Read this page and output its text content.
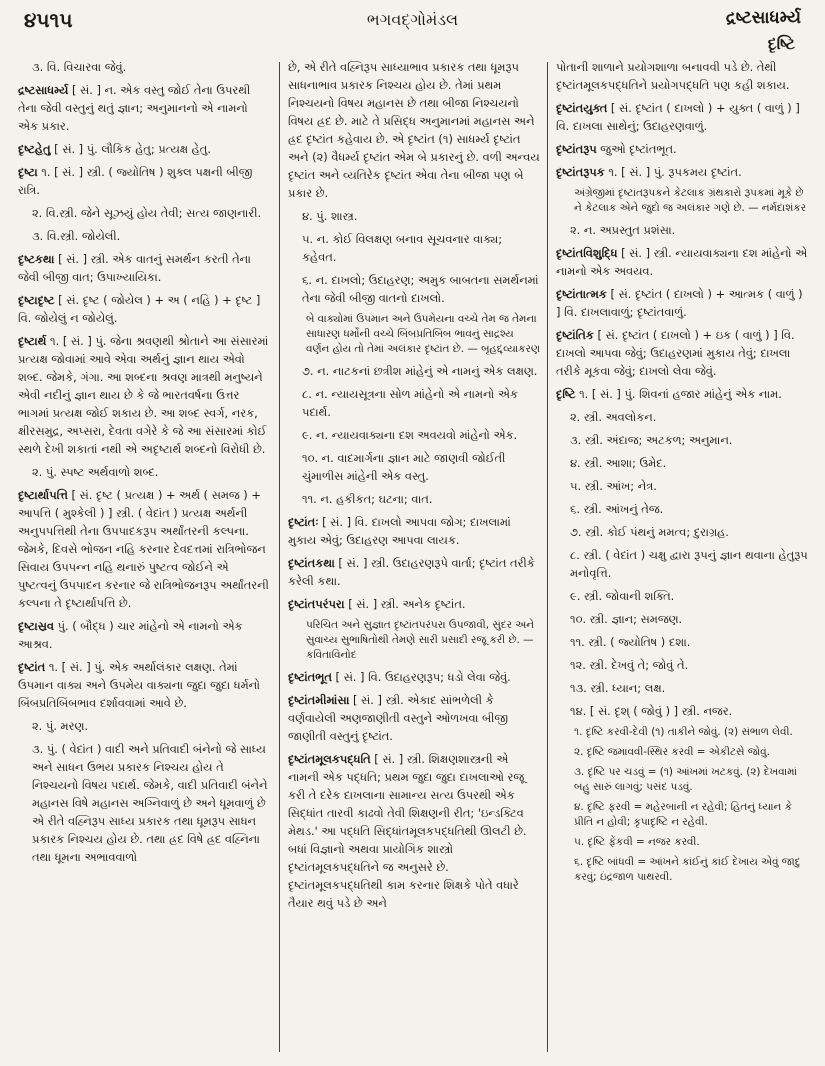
૪૫૧૫	ભગવદ્ગોમંડલ	દ્રષ્ટસાધર્મ્ય
દૃષ્ટિ
૩. વિ. વિચારવા જેવું.
દ્રષ્ટસાધર્મ્ય [ સં. ] ન. એક વસ્તુ જોઈ તેના ઉપરથી તેના જેવી વસ્તુનું થતું જ્ઞાન; અનુમાનનો એ નામનો એક પ્રકાર.
દૃષ્ટહેતુ [ સં. ] પું. લૌકિક હેતુ; પ્રત્યક્ષ હેતુ.
દૃષ્ટા ૧. [ સં. ] સ્ત્રી. ( જ્યોતિષ ) શુક્લ પક્ષની બીજી રાત્રિ.
૨. વિ.સ્ત્રી. જેને સૂઝયું હોય તેવી; સત્ય જાણનારી.
૩. વિ.સ્ત્રી. જોયેલી.
દૃષ્ટકથા [ સં. ] સ્ત્રી. એક વાતનું સમર્થન કરતી તેના જેવી બીજી વાત; ઉપાખ્યાયિકા.
દૃષ્ટાદૃષ્ટ [ સં. દૃષ્ટ ( જોયેલ ) + અ ( નહિ ) + દૃષ્ટ ] વિ. જોયેલું ન જોયેલું.
દૃષ્ટાર્થ ૧. [ સં. ] પું. જેના શ્રવણથી શ્રોતાને આ સંસારમાં પ્રત્યક્ષ જોવામાં આવે એવા અર્થનું જ્ઞાન થાય એવો શબ્દ. જેમકે, ગંગા. આ શબ્દના શ્રવણ માત્રથી મનુષ્યને એવી નદીનું જ્ઞાન થાય છે કે જે ભારતવર્ષના ઉત્તર ભાગમાં પ્રત્યક્ષ જોઈ શકાય છે. આ શબ્દ સ્વર્ગ, નરક, ક્ષીરસમુદ્ર, અપ્સરા, દેવતા વગેરે કે જે આ સંસારમાં કોઈ સ્થળે દેખી શકાતાં નથી એ અદૃષ્ટાર્થ શબ્દનો વિરોધી છે.
૨. પું. સ્પષ્ટ અર્થવાળો શબ્દ.
દૃષ્ટાર્થાપત્તિ [ સં. દૃષ્ટ ( પ્રત્યક્ષ ) + અર્થ ( સમજ ) + આપત્તિ ( મુશ્કેલી ) ] સ્ત્રી. ( વેદાંત ) પ્રત્યક્ષ અર્થની અનુપપત્તિથી તેના ઉપપાદકરૂપ અર્થાંતરની કલ્પના. જેમકે, દિવસે ભોજન નહિ કરનાર દેવદત્તમાં રાત્રિભોજન સિવાય ઉપપન્ન નહિ થનારું પુષ્ટત્વ જોઈને એ પુષ્ટત્વનું ઉપપાદન કરનાર જે રાત્રિભોજનરૂપ અર્થાંતરની કલ્પના તે દૃષ્ટાર્થાપત્તિ છે.
દૃષ્ટાસ્રવ પું. ( બૌદ્ધ ) ચાર માંહેનો એ નામનો એક આશ્રવ.
દૃષ્ટાંત ૧. [ સં. ] પું. એક અર્થાલંકાર લક્ષણ. તેમાં ઉપમાન વાક્ય અને ઉપમેય વાક્યના જુદા જુદા ધર્મનો બિંબપ્રતિબિંબભાવ દર્શાવવામાં આવે છે.
૨. પું. મરણ.
૩. પું. ( વેદાંત ) વાદી અને પ્રતિવાદી બંનેનો જે સાધ્ય અને સાધન ઉભય પ્રકારક નિશ્ચય હોય તે નિશ્ચયનો વિષય પદાર્થ. જેમકે, વાદી પ્રતિવાદી બંનેને મહાનસ વિષે મહાનસ અગ્નિવાળું છે અને ધૂમવાળું છે એ રીતે વહ્નિરૂપ સાધ્ય પ્રકારક તથા ધૂમરૂપ સાધન પ્રકારક નિશ્ચય હોય છે. તથા હ્રદ વિષે હ્રદ વહ્નિના તથા ધૂમના અભાવવાળો
છે, એ રીતે વહ્નિરૂપ સાધ્યાભાવ પ્રકારક તથા ધૂમરૂપ સાધનાભાવ પ્રકારક નિશ્ચય હોય છે. તેમાં પ્રથમ નિશ્ચયનો વિષય મહાનસ છે તથા બીજા નિશ્ચયનો વિષય હ્રદ છે. માટે તે પ્રસિદ્ધ અનુમાનમાં મહાનસ અને હ્રદ દૃષ્ટાંત કહેવાય છે. એ દૃષ્ટાંત (૧) સાધર્મ્ય દૃષ્ટાંત અને (૨) વૈધર્મ્ય દૃષ્ટાંત એમ બે પ્રકારનું છે. વળી અન્વય દૃષ્ટાંત અને વ્યતિરેક દૃષ્ટાંત એવા તેના બીજા પણ બે પ્રકાર છે.
૪. પું. શાસ્ત્ર.
૫. ન. કોઈ વિલક્ષણ બનાવ સૂચવનાર વાક્ય; કહેવત.
૬. ન. દાખલો; ઉદાહરણ; અમુક બાબતના સમર્થનમાં તેના જેવી બીજી વાતનો દાખલો.
બે વાક્યોમાં ઉપમાન અને ઉપમેયના વચ્ચે તેમ જ તેમના સાધારણ ધર્મોની વચ્ચે બિંબપ્રતિબિંબ ભાવનું સાદ્રશ્ય વર્ણન હોય તો તેમાં અલંકાર દૃષ્ટાંત છે. — બૃહદ્દ્વ્યાકરણ
૭. ન. નાટકનાં છત્રીશ માંહેનું એ નામનું એક લક્ષણ.
૮. ન. ન્યાયસૂત્રના સોળ માંહેનો એ નામનો એક પદાર્થ.
૯. ન. ન્યાયવાક્યના દશ અવયવો માંહેનો એક.
૧૦. ન. વાદમાર્ગના જ્ઞાન માટે જાણવી જોઈતી ચુંમાળીસ માંહેની એક વસ્તુ.
૧૧. ન. હકીકત; ઘટના; વાત.
દૃષ્ટાંતઃ [ સં. ] વિ. દાખલો આપવા જોગ; દાખલામાં મુકાય એવું; ઉદાહરણ આપવા લાયક.
દૃષ્ટાંતકથા [ સં. ] સ્ત્રી. ઉદાહરણરૂપે વાર્તા; દૃષ્ટાંત તરીકે કરેલી કથા.
દૃષ્ટાંતપરંપરા [ સં. ] સ્ત્રી. અનેક દૃષ્ટાંત.
પરિચિત અને સુજ્ઞાત દૃષ્ટાંતપરંપરા ઉપજાવી, સુંદર અને સુવાચ્ય સુભાષિતોથી તેમણે સારી પ્રસાદી રજૂ કરી છે. — કવિતાવિનોદ
દૃષ્ટાંતભૂત [ સં. ] વિ. ઉદાહરણરૂપ; ધડો લેવા જેવું.
દૃષ્ટાંતમીમાંસા [ સં. ] સ્ત્રી. એકાદ સાંભળેલી કે વર્ણવાયેલી અણજાણીતી વસ્તુને ઓળખવા બીજી જાણીતી વસ્તુનું દૃષ્ટાંત.
દૃષ્ટાંતમૂલકપદ્ધતિ [ સં. ] સ્ત્રી. શિક્ષણશાસ્ત્રની એ નામની એક પદ્ધતિ; પ્રથમ જુદા જુદા દાખલાઓ રજૂ કરી તે દરેક દાખલાના સામાન્ય સત્ય ઉપરથી એક સિદ્ધાંત તારવી કાઢવો તેવી શિક્ષણની રીત; 'ઇન્ડક્ટિવ મેથડ.' આ પદ્ધતિ સિદ્ધાંતમૂલકપદ્ધતિથી ઊલટી છે. બધાં વિજ્ઞાનો અથવા પ્રાયોગિક શાસ્ત્રો દૃષ્ટાંતમૂલકપદ્ધતિને જ અનુસરે છે. દૃષ્ટાંતમૂલકપદ્ધતિથી કામ કરનાર શિક્ષકે પોતે વધારે તૈયાર થવું પડે છે અને
પોતાની શાળાને પ્રયોગશાળા બનાવવી પડે છે. તેથી દૃષ્ટાંતમૂલકપદ્ધતિને પ્રયોગપદ્ધતિ પણ કહી શકાય.
દૃષ્ટાંતયુક્ત [ સં. દૃષ્ટાંત ( દાખલો ) + યુક્ત ( વાળું ) ] વિ. દાખલા સાથેનું; ઉદાહરણવાળું.
દૃષ્ટાંતરૂપ જુઓ દૃષ્ટાંતભૂત.
દૃષ્ટાંતરૂપક ૧. [ સં. ] પું. રૂપકમય દૃષ્ટાંત.
અંગ્રેજીમાં દૃષ્ટાંતરૂપકને કેટલાક ગ્રંથકારો રૂપકમાં મૂકે છે ને કેટલાક એને જુદો જ અલંકાર ગણે છે. — નર્મદાશંકર
૨. ન. અપ્રસ્તુત પ્રશંસા.
દૃષ્ટાંતવિશુદ્ધિ [ સં. ] સ્ત્રી. ન્યાયવાક્યના દશ માંહેનો એ નામનો એક અવયવ.
દૃષ્ટાંતાત્મક [ સં. દૃષ્ટાંત ( દાખલો ) + આત્મક ( વાળું ) ] વિ. દાખલાવાળું; દૃષ્ટાંતવાળું.
દૃષ્ટાંતિક [ સં. દૃષ્ટાંત ( દાખલો ) + ઇક ( વાળું ) ] વિ. દાખલો આપવા જેવું; ઉદાહરણમાં મુકાય તેવું; દાખલા તરીકે મૂકવા જેવું; દાખલો લેવા જેવું.
દૃષ્ટિ ૧. [ સં. ] પું. શિવનાં હજાર માંહેનું એક નામ.
૨. સ્ત્રી. અવલોકન.
૩. સ્ત્રી. અંદાજ; અટકળ; અનુમાન.
૪. સ્ત્રી. આશા; ઉમેદ.
૫. સ્ત્રી. આંખ; નેત્ર.
૬. સ્ત્રી. આંખનું તેજ.
૭. સ્ત્રી. કોઈ પંથનું મમત્વ; દુરાગ્રહ.
૮. સ્ત્રી. ( વેદાંત ) ચક્ષુ દ્વારા રૂપનું જ્ઞાન થવાના હેતુરૂપ મનોવૃત્તિ.
૯. સ્ત્રી. જોવાની શક્તિ.
૧૦. સ્ત્રી. જ્ઞાન; સમજણ.
૧૧. સ્ત્રી. ( જ્યોતિષ ) દશા.
૧૨. સ્ત્રી. દેખવું તે; જોવું તે.
૧૩. સ્ત્રી. ધ્યાન; લક્ષ.
૧૪. [ સં. દૃશ્ ( જોવું ) ] સ્ત્રી. નજર.
૧. દૃષ્ટિ કરવી-દેવી (૧) તાકીને જોવું. (૨) સંભાળ લેવી.
૨. દૃષ્ટિ જમાવવી-સ્થિર કરવી = એકીટસે જોવું.
૩. દૃષ્ટિ પર ચડવું = (૧) આંખમાં ખટકવું. (૨) દેખવામાં બહુ સારું લાગવું; પસંદ પડવું.
૪. દૃષ્ટિ ફરવી = મહેરબાની ન રહેવી; હિતનું ધ્યાન કે પ્રીતિ ન હોવી; કૃપાદૃષ્ટિ ન રહેવી.
૫. દૃષ્ટિ ફેંકવી = નજર કરવી.
૬. દૃષ્ટિ બાંધવી = આંખને કાંઈનું કાંઈ દેખાય એવું જાદુ કરવું; ઇંદ્રજાળ પાથરવી.
